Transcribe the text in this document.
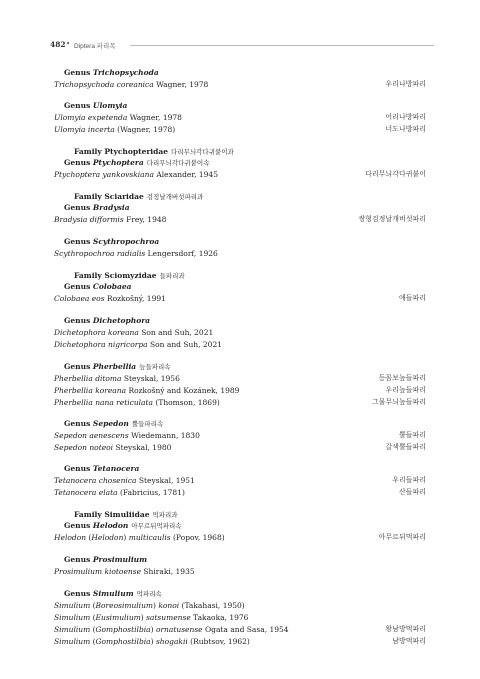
482 • Diptera 파리목
Genus Trichopsychoda
Trichopsychoda coreanica Wagner, 1978	우리나방파리
Genus Ulomyia
Ulomyia expetenda Wagner, 1978	어리나방파리
Ulomyia incerta (Wagner, 1978)	너도나방파리
Family Ptychopteridae 다리무늬각다귀붙이과
Genus Ptychoptera 다리무늬각다귀붙이속
Ptychoptera yankovskiana Alexander, 1945	다리무늬각다귀붙이
Family Sciaridae 검정날개버섯파리과
Genus Bradysia
Bradysia difformis Frey, 1948	쌍형검정날개버섯파리
Genus Scythropochroa
Scythropochroa radialis Lengersdorf, 1926
Family Sciomyzidae 들파리과
Genus Colobaea
Colobaea eos Rozkošný, 1991	애들파리
Genus Dichetophora
Dichetophora koreana Son and Suh, 2021
Dichetophora nigricorpa Son and Suh, 2021
Genus Pherbellia 늪들파리속
Pherbellia ditoma Steyskal, 1956	등꼼보늪들파리
Pherbellia koreana Rozkošný and Kozánek, 1989	우리늪들파리
Pherbellia nana reticulata (Thomson, 1869)	그물무늬늪들파리
Genus Sepedon 뿔들파리속
Sepedon aenescens Wiedemann, 1830	뿔들파리
Sepedon noteoi Steyskal, 1980	갈색뿔들파리
Genus Tetanocera
Tetanocera chosenica Steyskal, 1951	우리들파리
Tetanocera elata (Fabricius, 1781)	산들파리
Family Simuliidae 먹파리과
Genus Helodon 아무르뒤먹파리속
Helodon (Helodon) multicaulis (Popov, 1968)	아무르뒤먹파리
Genus Prosimulium
Prosimulium kiotoense Shiraki, 1935
Genus Simulium 먹파리속
Simulium (Boreosimulium) konoi (Takahasi, 1950)
Simulium (Eusimulium) satsumense Takaoka, 1976
Simulium (Gomphostilbia) ornatusense Ogata and Sasa, 1954	왕남방먹파리
Simulium (Gomphostilbia) shogakii (Rubtsov, 1962)	남방먹파리
